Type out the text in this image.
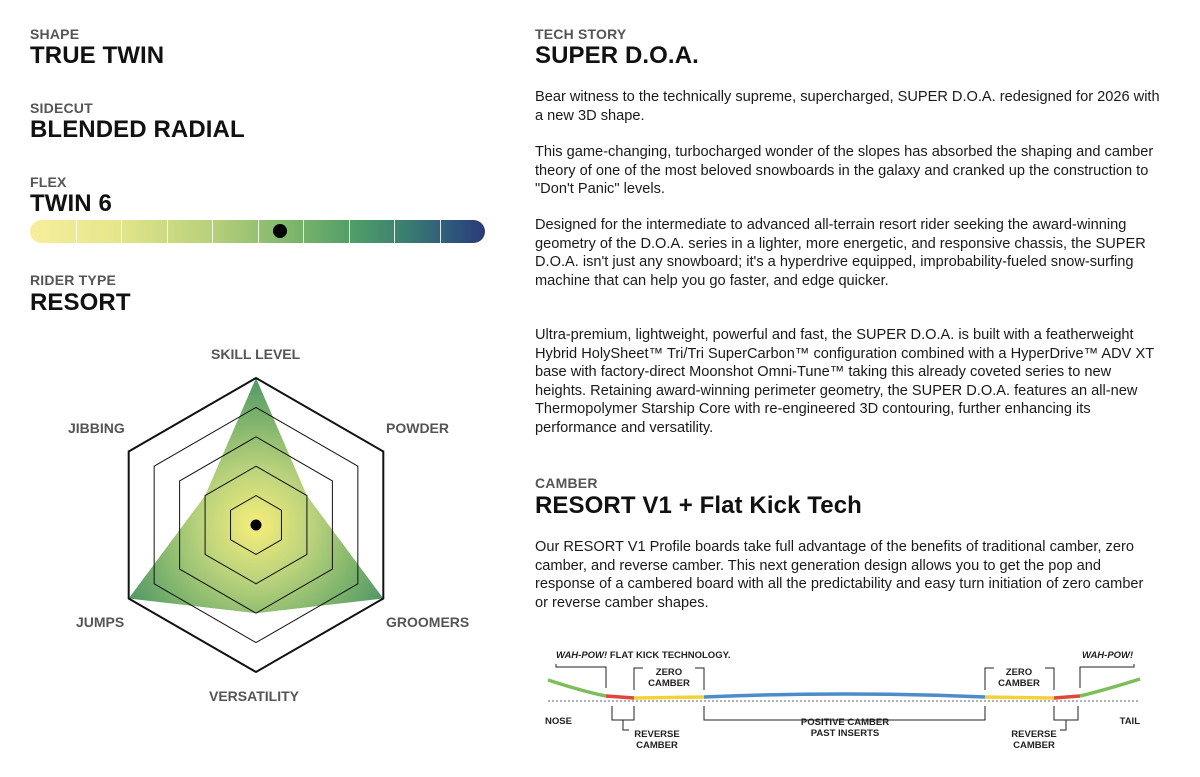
SHAPE
TRUE TWIN
SIDECUT
BLENDED RADIAL
FLEX
TWIN 6
RIDER TYPE
RESORT
SKILL LEVEL
POWDER
GROOMERS
VERSATILITY
JUMPS
JIBBING
TECH STORY
SUPER D.O.A.

Bear witness to the technically supreme, supercharged, SUPER D.O.A. redesigned for 2026 with a new 3D shape.

This game-changing, turbocharged wonder of the slopes has absorbed the shaping and camber theory of one of the most beloved snowboards in the galaxy and cranked up the construction to "Don't Panic" levels.

Designed for the intermediate to advanced all-terrain resort rider seeking the award-winning geometry of the D.O.A. series in a lighter, more energetic, and responsive chassis, the SUPER D.O.A. isn't just any snowboard; it's a hyperdrive equipped, improbability-fueled snow-surfing machine that can help you go faster, and edge quicker.

Ultra-premium, lightweight, powerful and fast, the SUPER D.O.A. is built with a featherweight Hybrid HolySheet™ Tri/Tri SuperCarbon™ configuration combined with a HyperDrive™ ADV XT base with factory-direct Moonshot Omni-Tune™ taking this already coveted series to new heights. Retaining award-winning perimeter geometry, the SUPER D.O.A. features an all-new Thermopolymer Starship Core with re-engineered 3D contouring, further enhancing its performance and versatility.

CAMBER
RESORT V1 + Flat Kick Tech

Our RESORT V1 Profile boards take full advantage of the benefits of traditional camber, zero camber, and reverse camber. This next generation design allows you to get the pop and response of a cambered board with all the predictability and easy turn initiation of zero camber or reverse camber shapes.

WAH-POW! FLAT KICK TECHNOLOGY.	WAH-POW!
ZERO
CAMBER
ZERO
CAMBER
NOSE	TAIL
POSITIVE CAMBER
PAST INSERTS
REVERSE
CAMBER
REVERSE
CAMBER
